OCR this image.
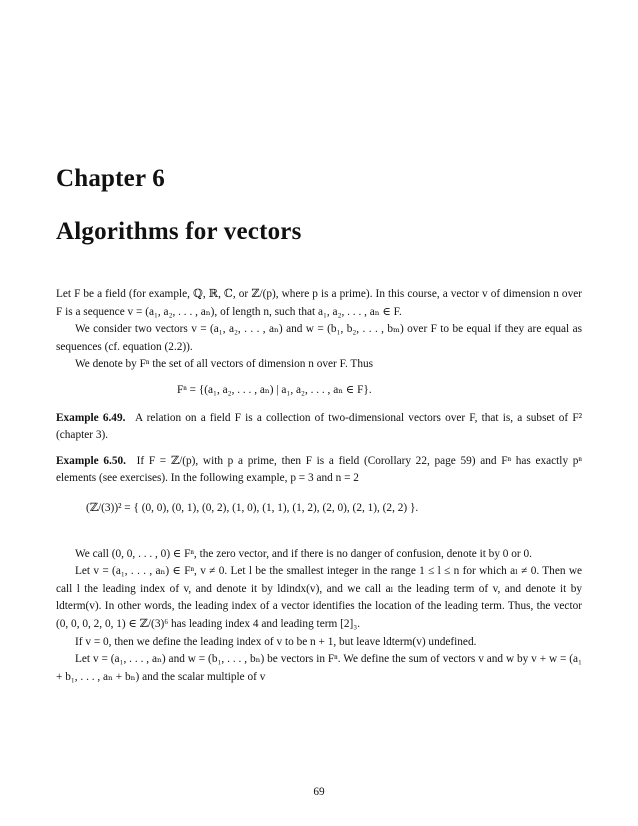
Chapter 6
Algorithms for vectors

Let F be a field (for example, ℚ, ℝ, ℂ, or ℤ/(p), where p is a prime). In this course, a vector v of dimension n over F is a sequence v = (a₁, a₂, . . . , aₙ), of length n, such that a₁, a₂, . . . , aₙ ∈ F.

We consider two vectors v = (a₁, a₂, . . . , aₙ) and w = (b₁, b₂, . . . , bₘ) over F to be equal if they are equal as sequences (cf. equation (2.2)).

We denote by Fⁿ the set of all vectors of dimension n over F. Thus

Fⁿ = {(a₁, a₂, . . . , aₙ) | a₁, a₂, . . . , aₙ ∈ F}.

Example 6.49. A relation on a field F is a collection of two-dimensional vectors over F, that is, a subset of F² (chapter 3).

Example 6.50. If F = ℤ/(p), with p a prime, then F is a field (Corollary 22, page 59) and Fⁿ has exactly pⁿ elements (see exercises). In the following example, p = 3 and n = 2

(ℤ/(3))² = { (0, 0), (0, 1), (0, 2), (1, 0), (1, 1), (1, 2), (2, 0), (2, 1), (2, 2) }.

We call (0, 0, . . . , 0) ∈ Fⁿ, the zero vector, and if there is no danger of confusion, denote it by 0 or 0.

Let v = (a₁, . . . , aₙ) ∈ Fⁿ, v ≠ 0. Let l be the smallest integer in the range 1 ≤ l ≤ n for which aₗ ≠ 0. Then we call l the leading index of v, and denote it by ldindx(v), and we call aₗ the leading term of v, and denote it by ldterm(v). In other words, the leading index of a vector identifies the location of the leading term. Thus, the vector (0, 0, 0, 2, 0, 1) ∈ ℤ/(3)⁶ has leading index 4 and leading term [2]₃.

If v = 0, then we define the leading index of v to be n + 1, but leave ldterm(v) undefined.

Let v = (a₁, . . . , aₙ) and w = (b₁, . . . , bₙ) be vectors in Fⁿ. We define the sum of vectors v and w by v + w = (a₁ + b₁, . . . , aₙ + bₙ) and the scalar multiple of v

69
